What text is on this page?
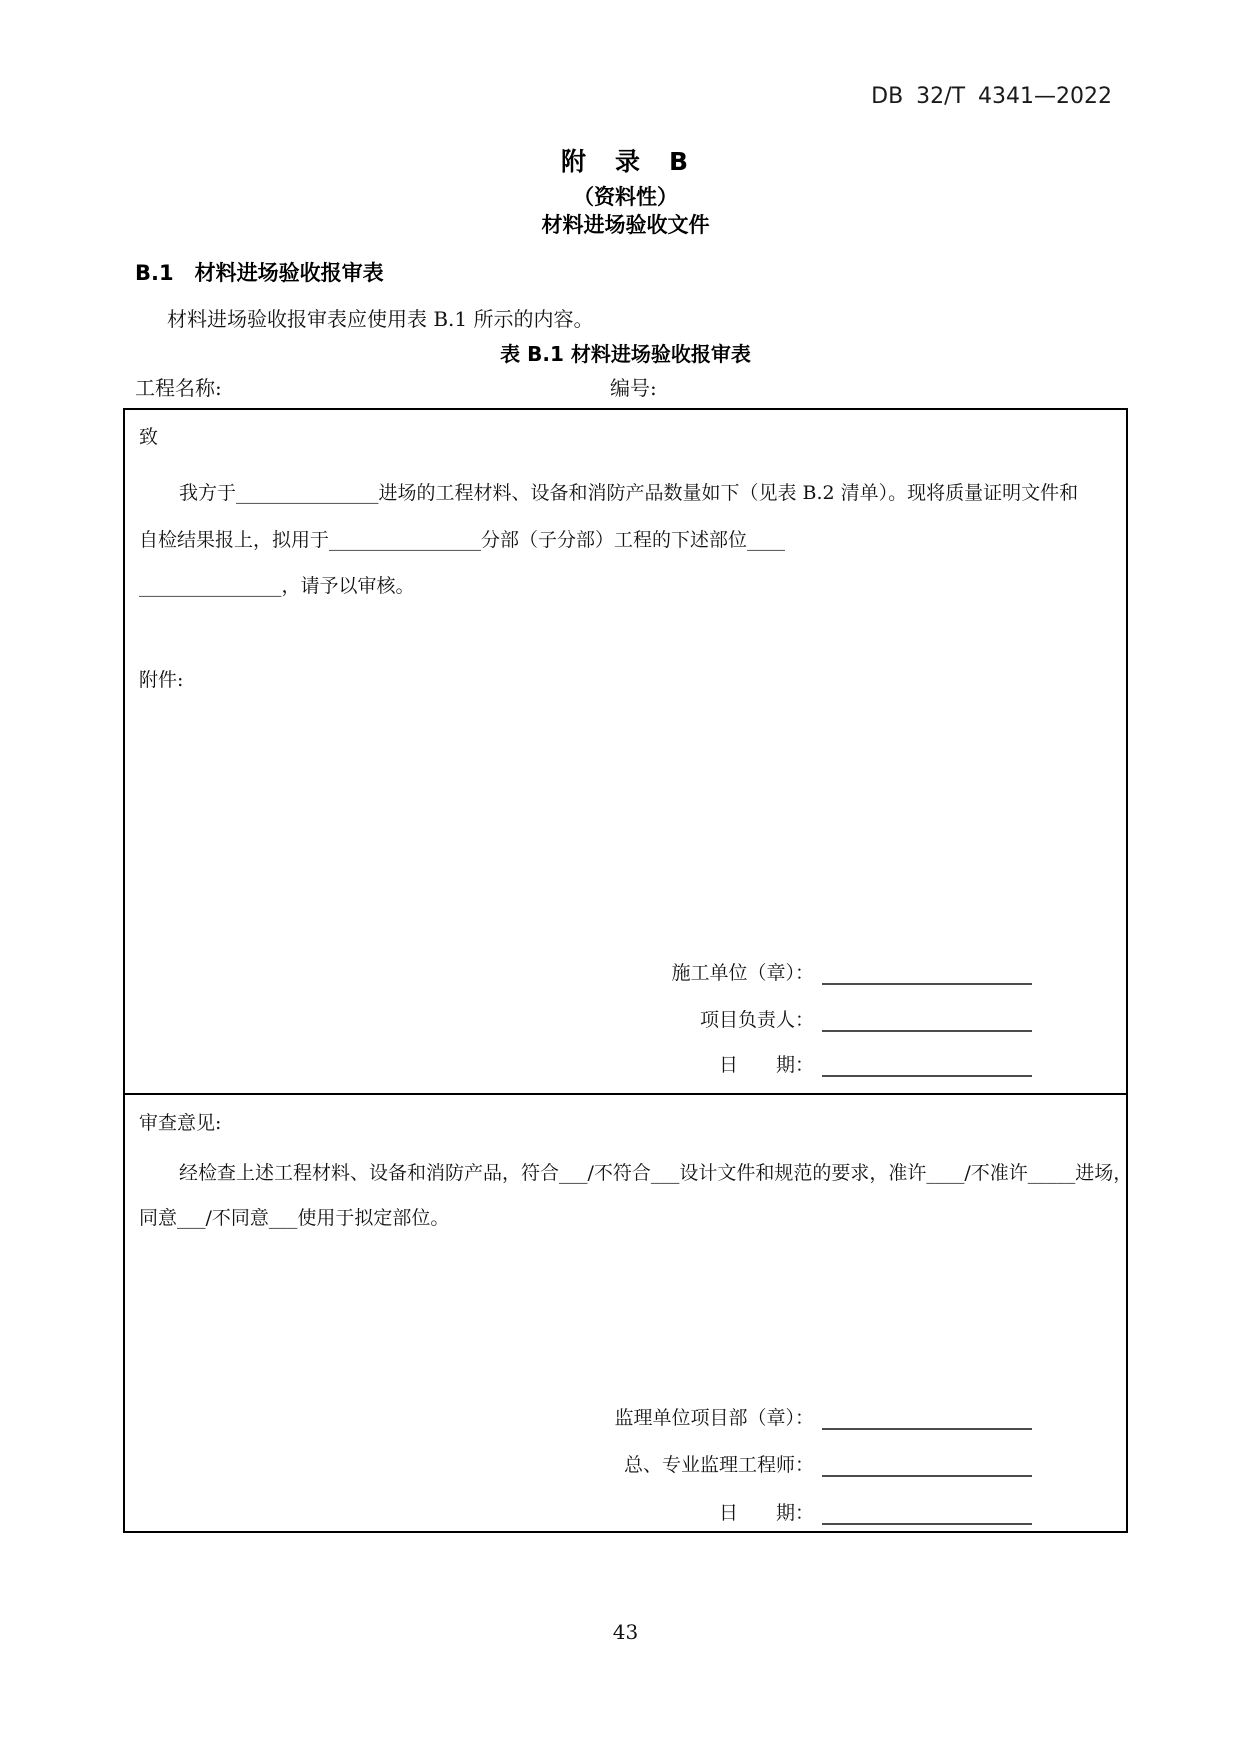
DB 32/T 4341—2022
附　录　B
（资料性）
材料进场验收文件
B.1　材料进场验收报审表
材料进场验收报审表应使用表 B.1 所示的内容。
表 B.1 材料进场验收报审表
工程名称:	编号:
致
我方于_______________进场的工程材料、设备和消防产品数量如下（见表 B.2 清单）。现将质量证明文件和
自检结果报上，拟用于________________分部（子分部）工程的下述部位____
_______________，请予以审核。
附件:
施工单位（章）：
项目负责人：
日　　期：
审查意见:
经检查上述工程材料、设备和消防产品，符合___/不符合___设计文件和规范的要求，准许____/不准许_____进场，
同意___/不同意___使用于拟定部位。
监理单位项目部（章）：
总、专业监理工程师：
日　　期：
43
